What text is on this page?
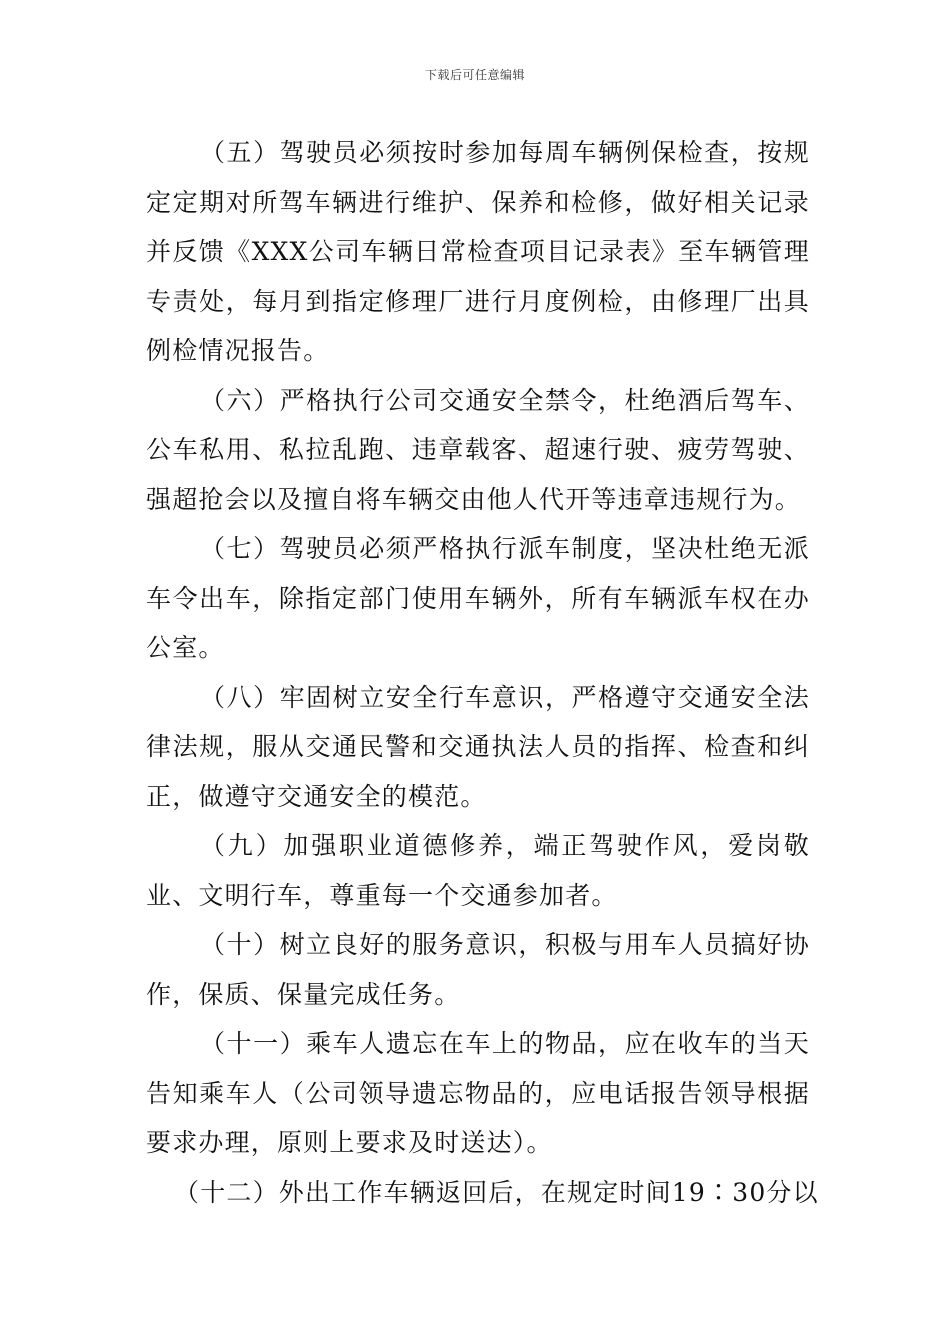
下载后可任意编辑

（五）驾驶员必须按时参加每周车辆例保检查，按规定定期对所驾车辆进行维护、保养和检修，做好相关记录并反馈《XXX公司车辆日常检查项目记录表》至车辆管理专责处，每月到指定修理厂进行月度例检，由修理厂出具例检情况报告。

（六）严格执行公司交通安全禁令，杜绝酒后驾车、公车私用、私拉乱跑、违章载客、超速行驶、疲劳驾驶、强超抢会以及擅自将车辆交由他人代开等违章违规行为。

（七）驾驶员必须严格执行派车制度，坚决杜绝无派车令出车，除指定部门使用车辆外，所有车辆派车权在办公室。

（八）牢固树立安全行车意识，严格遵守交通安全法律法规，服从交通民警和交通执法人员的指挥、检查和纠正，做遵守交通安全的模范。

（九）加强职业道德修养，端正驾驶作风，爱岗敬业、文明行车，尊重每一个交通参加者。

（十）树立良好的服务意识，积极与用车人员搞好协作，保质、保量完成任务。

（十一）乘车人遗忘在车上的物品，应在收车的当天告知乘车人（公司领导遗忘物品的，应电话报告领导根据要求办理，原则上要求及时送达）。

（十二）外出工作车辆返回后，在规定时间19∶30分以
